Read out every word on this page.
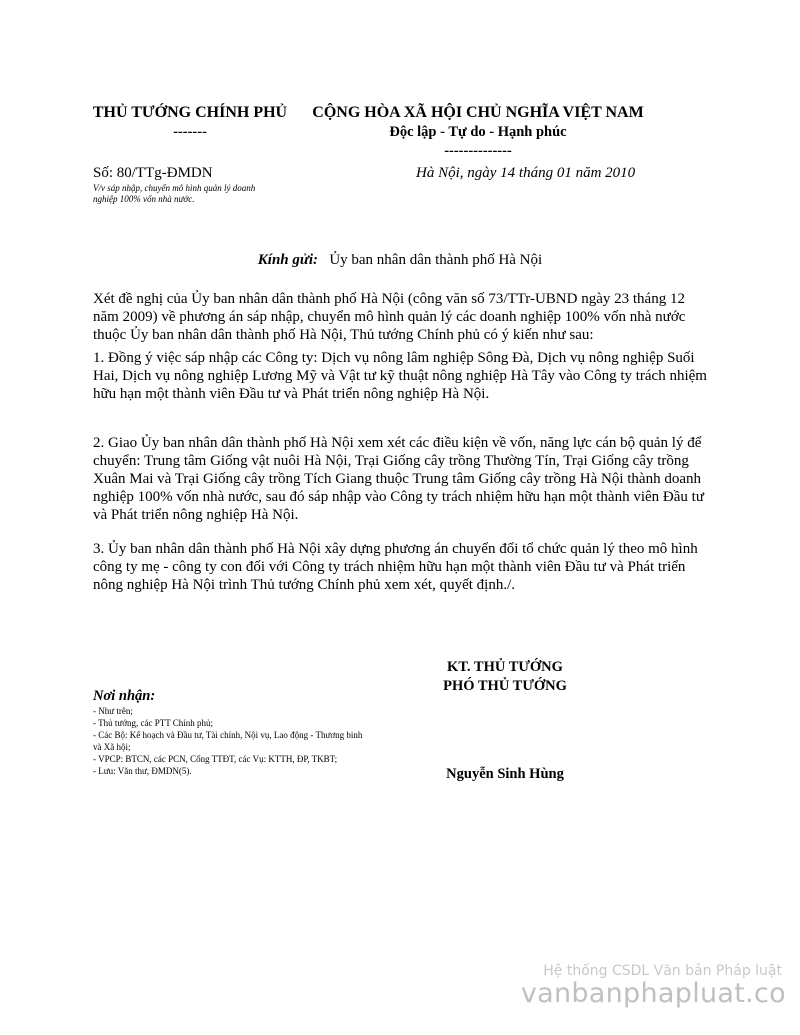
THỦ TƯỚNG CHÍNH PHỦ
-------
CỘNG HÒA XÃ HỘI CHỦ NGHĨA VIỆT NAM
Độc lập - Tự do - Hạnh phúc
--------------
Số: 80/TTg-ĐMDN
V/v sáp nhập, chuyển mô hình quản lý doanh nghiệp 100% vốn nhà nước.
Hà Nội, ngày 14 tháng 01 năm 2010
Kính gửi: Ủy ban nhân dân thành phố Hà Nội
Xét đề nghị của Ủy ban nhân dân thành phố Hà Nội (công văn số 73/TTr-UBND ngày 23 tháng 12 năm 2009) về phương án sáp nhập, chuyển mô hình quản lý các doanh nghiệp 100% vốn nhà nước thuộc Ủy ban nhân dân thành phố Hà Nội, Thủ tướng Chính phủ có ý kiến như sau:
1. Đồng ý việc sáp nhập các Công ty: Dịch vụ nông lâm nghiệp Sông Đà, Dịch vụ nông nghiệp Suối Hai, Dịch vụ nông nghiệp Lương Mỹ và Vật tư kỹ thuật nông nghiệp Hà Tây vào Công ty trách nhiệm hữu hạn một thành viên Đầu tư và Phát triển nông nghiệp Hà Nội.
2. Giao Ủy ban nhân dân thành phố Hà Nội xem xét các điều kiện về vốn, năng lực cán bộ quản lý để chuyển: Trung tâm Giống vật nuôi Hà Nội, Trại Giống cây trồng Thường Tín, Trại Giống cây trồng Xuân Mai và Trại Giống cây trồng Tích Giang thuộc Trung tâm Giống cây trồng Hà Nội thành doanh nghiệp 100% vốn nhà nước, sau đó sáp nhập vào Công ty trách nhiệm hữu hạn một thành viên Đầu tư và Phát triển nông nghiệp Hà Nội.
3. Ủy ban nhân dân thành phố Hà Nội xây dựng phương án chuyển đổi tổ chức quản lý theo mô hình công ty mẹ - công ty con đối với Công ty trách nhiệm hữu hạn một thành viên Đầu tư và Phát triển nông nghiệp Hà Nội trình Thủ tướng Chính phủ xem xét, quyết định./.
KT. THỦ TƯỚNG
PHÓ THỦ TƯỚNG
Nguyễn Sinh Hùng
Nơi nhận:
- Như trên;
- Thủ tướng, các PTT Chính phủ;
- Các Bộ: Kế hoạch và Đầu tư, Tài chính, Nội vụ, Lao động - Thương binh và Xã hội;
- VPCP: BTCN, các PCN, Cổng TTĐT, các Vụ: KTTH, ĐP, TKBT;
- Lưu: Văn thư, ĐMDN(5).
Hệ thống CSDL Văn bản Pháp luật
vanbanphapluat.co
